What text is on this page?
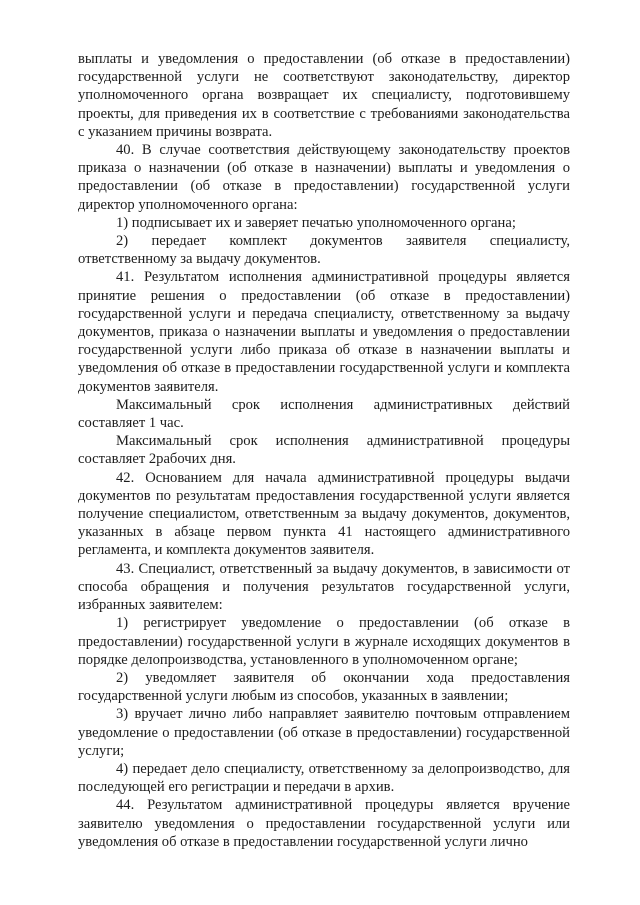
выплаты и уведомления о предоставлении (об отказе в предоставлении) государственной услуги не соответствуют законодательству, директор уполномоченного органа возвращает их специалисту, подготовившему проекты, для приведения их в соответствие с требованиями законодательства с указанием причины возврата.

40. В случае соответствия действующему законодательству проектов приказа о назначении (об отказе в назначении) выплаты и уведомления о предоставлении (об отказе в предоставлении) государственной услуги директор уполномоченного органа:

1) подписывает их и заверяет печатью уполномоченного органа;

2) передает комплект документов заявителя специалисту, ответственному за выдачу документов.

41. Результатом исполнения административной процедуры является принятие решения о предоставлении (об отказе в предоставлении) государственной услуги и передача специалисту, ответственному за выдачу документов, приказа о назначении выплаты и уведомления о предоставлении государственной услуги либо приказа об отказе в назначении выплаты и уведомления об отказе в предоставлении государственной услуги и комплекта документов заявителя.

Максимальный срок исполнения административных действий составляет 1 час.

Максимальный срок исполнения административной процедуры составляет 2рабочих дня.

42. Основанием для начала административной процедуры выдачи документов по результатам предоставления государственной услуги является получение специалистом, ответственным за выдачу документов, документов, указанных в абзаце первом пункта 41 настоящего административного регламента, и комплекта документов заявителя.

43. Специалист, ответственный за выдачу документов, в зависимости от способа обращения и получения результатов государственной услуги, избранных заявителем:

1) регистрирует уведомление о предоставлении (об отказе в предоставлении) государственной услуги в журнале исходящих документов в порядке делопроизводства, установленного в уполномоченном органе;

2) уведомляет заявителя об окончании хода предоставления государственной услуги любым из способов, указанных в заявлении;

3) вручает лично либо направляет заявителю почтовым отправлением уведомление о предоставлении (об отказе в предоставлении) государственной услуги;

4) передает дело специалисту, ответственному за делопроизводство, для последующей его регистрации и передачи в архив.

44. Результатом административной процедуры является вручение заявителю уведомления о предоставлении государственной услуги или уведомления об отказе в предоставлении государственной услуги лично
